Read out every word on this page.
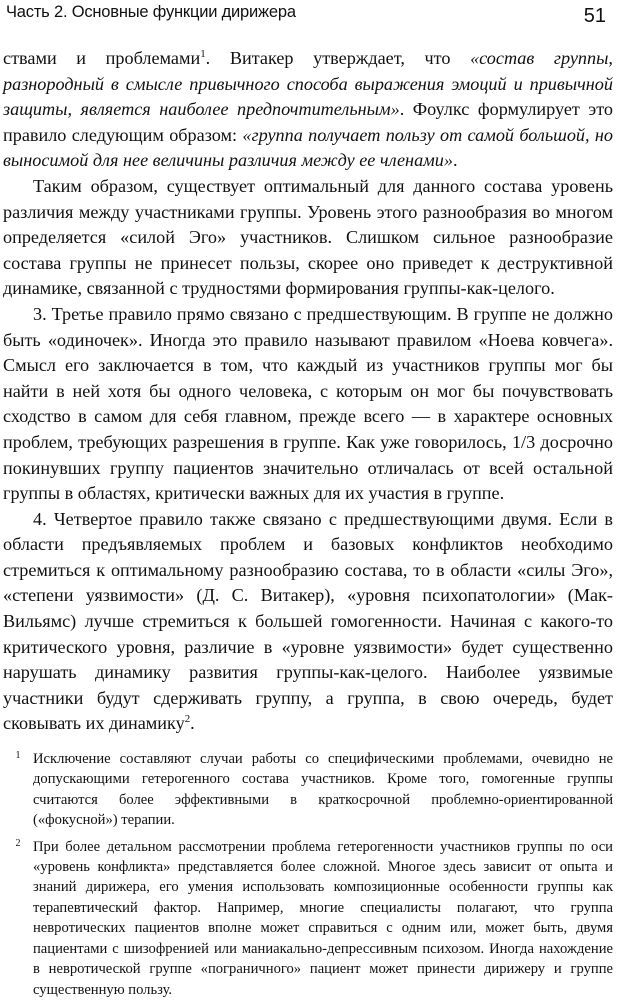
Часть 2. Основные функции дирижера	51

ствами и проблемами$^1$. Витакер утверждает, что «состав группы, разнородный в смысле привычного способа выражения эмоций и привычной защиты, является наиболее предпочтительным». Фоулкс формулирует это правило следующим образом: «группа получает пользу от самой большой, но выносимой для нее величины различия между ее членами».

Таким образом, существует оптимальный для данного состава уровень различия между участниками группы. Уровень этого разнообразия во многом определяется «силой Эго» участников. Слишком сильное разнообразие состава группы не принесет пользы, скорее оно приведет к деструктивной динамике, связанной с трудностями формирования группы-как-целого.

3. Третье правило прямо связано с предшествующим. В группе не должно быть «одиночек». Иногда это правило называют правилом «Ноева ковчега». Смысл его заключается в том, что каждый из участников группы мог бы найти в ней хотя бы одного человека, с которым он мог бы почувствовать сходство в самом для себя главном, прежде всего — в характере основных проблем, требующих разрешения в группе. Как уже говорилось, 1/3 досрочно покинувших группу пациентов значительно отличалась от всей остальной группы в областях, критически важных для их участия в группе.

4. Четвертое правило также связано с предшествующими двумя. Если в области предъявляемых проблем и базовых конфликтов необходимо стремиться к оптимальному разнообразию состава, то в области «силы Эго», «степени уязвимости» (Д. С. Витакер), «уровня психопатологии» (Мак-Вильямс) лучше стремиться к большей гомогенности. Начиная с какого-то критического уровня, различие в «уровне уязвимости» будет существенно нарушать динамику развития группы-как-целого. Наиболее уязвимые участники будут сдерживать группу, а группа, в свою очередь, будет сковывать их динамику$^2$.

1 Исключение составляют случаи работы со специфическими проблемами, очевидно не допускающими гетерогенного состава участников. Кроме того, гомогенные группы считаются более эффективными в краткосрочной проблемно-ориентированной («фокусной») терапии.
2 При более детальном рассмотрении проблема гетерогенности участников группы по оси «уровень конфликта» представляется более сложной. Многое здесь зависит от опыта и знаний дирижера, его умения использовать композиционные особенности группы как терапевтический фактор. Например, многие специалисты полагают, что группа невротических пациентов вполне может справиться с одним или, может быть, двумя пациентами с шизофренией или маниакально-депрессивным психозом. Иногда нахождение в невротической группе «пограничного» пациент может принести дирижеру и группе существенную пользу.
